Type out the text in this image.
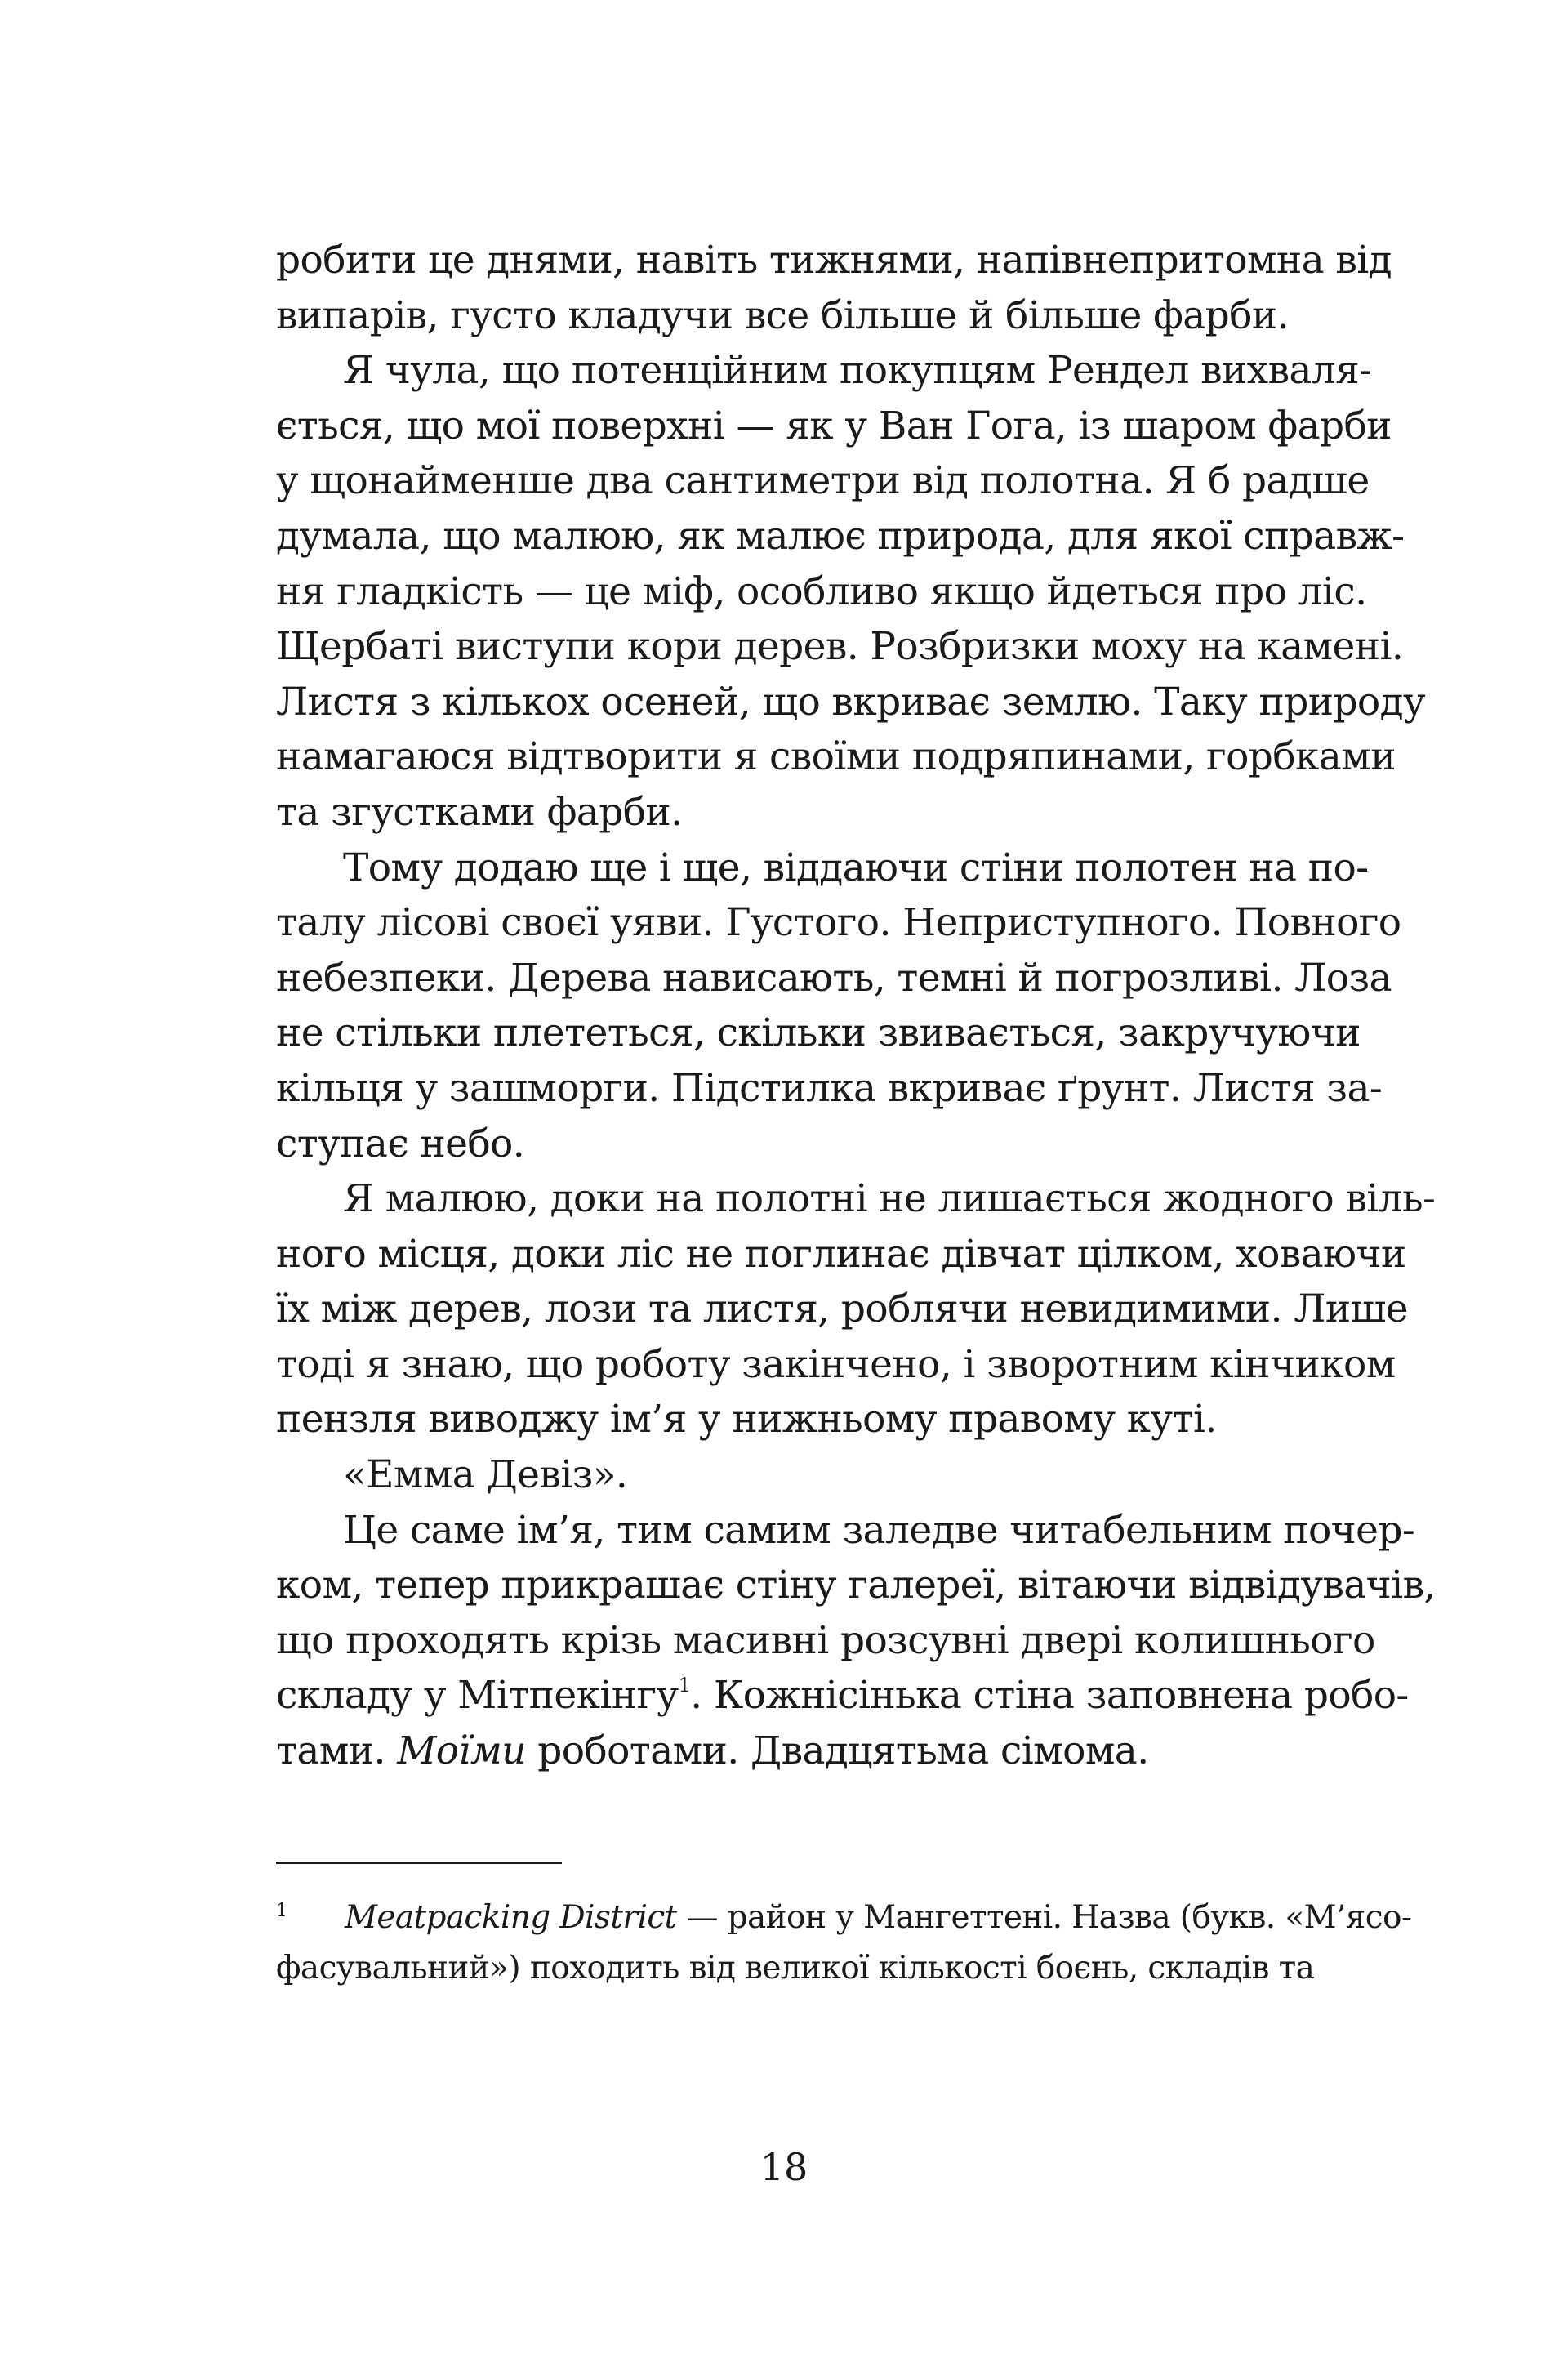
робити це днями, навіть тижнями, напівнепритомна від
випарів, густо кладучи все більше й більше фарби.
Я чула, що потенційним покупцям Рендел вихваля-
ється, що мої поверхні — як у Ван Гога, із шаром фарби
у щонайменше два сантиметри від полотна. Я б радше
думала, що малюю, як малює природа, для якої справж-
ня гладкість — це міф, особливо якщо йдеться про ліс.
Щербаті виступи кори дерев. Розбризки моху на камені.
Листя з кількох осеней, що вкриває землю. Таку природу
намагаюся відтворити я своїми подряпинами, горбками
та згустками фарби.
Тому додаю ще і ще, віддаючи стіни полотен на по-
талу лісові своєї уяви. Густого. Неприступного. Повного
небезпеки. Дерева нависають, темні й погрозливі. Лоза
не стільки плететься, скільки звивається, закручуючи
кільця у зашморги. Підстилка вкриває ґрунт. Листя за-
ступає небо.
Я малюю, доки на полотні не лишається жодного віль-
ного місця, доки ліс не поглинає дівчат цілком, ховаючи
їх між дерев, лози та листя, роблячи невидимими. Лише
тоді я знаю, що роботу закінчено, і зворотним кінчиком
пензля виводжу ім’я у нижньому правому куті.
«Емма Девіз».
Це саме ім’я, тим самим заледве читабельним почер-
ком, тепер прикрашає стіну галереї, вітаючи відвідувачів,
що проходять крізь масивні розсувні двері колишнього
складу у Мітпекінгу$^1$. Кожнісінька стіна заповнена робо-
тами. Моїми роботами. Двадцятьма сімома.
1 Meatpacking District — район у Мангеттені. Назва (букв. «М’ясо-
фасувальний») походить від великої кількості боєнь, складів та
18
